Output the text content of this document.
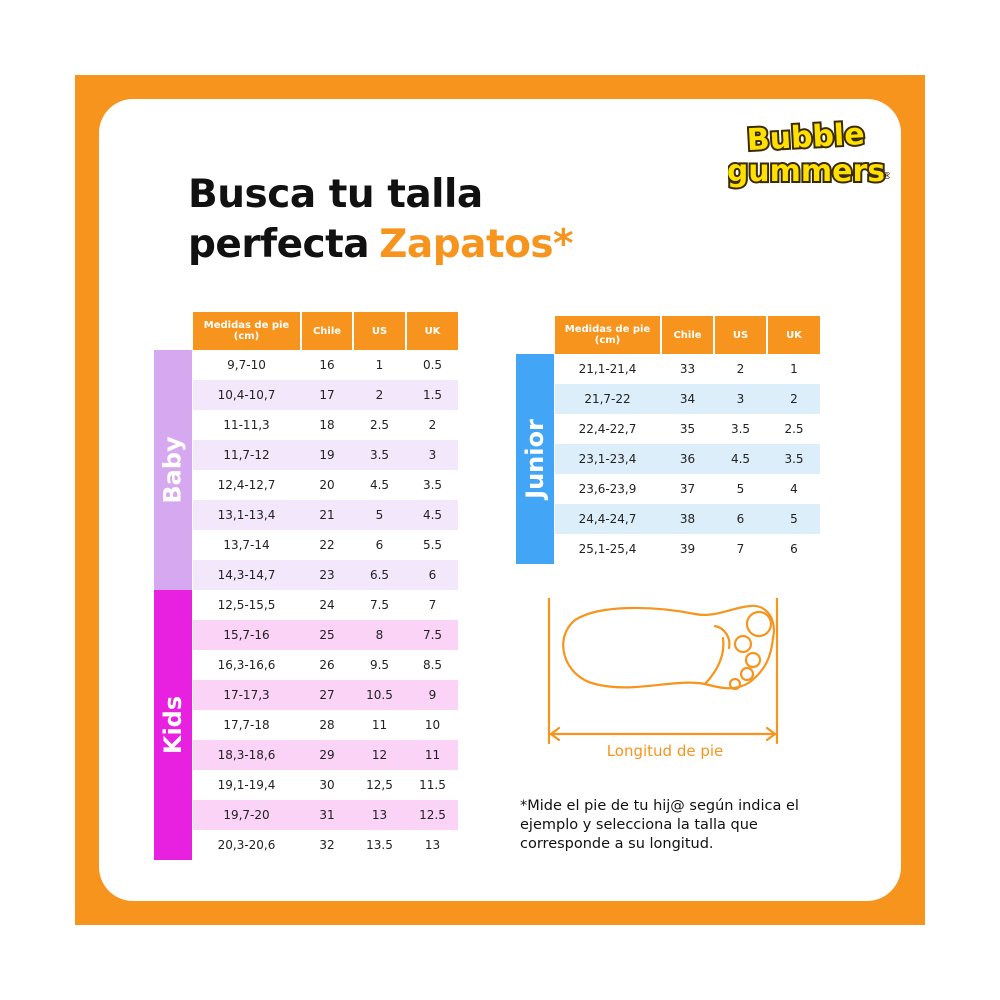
Bubble
gummers
®
Busca tu talla
perfecta Zapatos*
Medidas de pie (cm)	Chile	US	UK
9,7-10	16	1	0.5
10,4-10,7	17	2	1.5
11-11,3	18	2.5	2
11,7-12	19	3.5	3
12,4-12,7	20	4.5	3.5
13,1-13,4	21	5	4.5
13,7-14	22	6	5.5
14,3-14,7	23	6.5	6
12,5-15,5	24	7.5	7
15,7-16	25	8	7.5
16,3-16,6	26	9.5	8.5
17-17,3	27	10.5	9
17,7-18	28	11	10
18,3-18,6	29	12	11
19,1-19,4	30	12,5	11.5
19,7-20	31	13	12.5
20,3-20,6	32	13.5	13
Baby
Kids
Medidas de pie (cm)	Chile	US	UK
21,1-21,4	33	2	1
21,7-22	34	3	2
22,4-22,7	35	3.5	2.5
23,1-23,4	36	4.5	3.5
23,6-23,9	37	5	4
24,4-24,7	38	6	5
25,1-25,4	39	7	6
Junior
Longitud de pie
*Mide el pie de tu hij@ según indica el
ejemplo y selecciona la talla que
corresponde a su longitud.
